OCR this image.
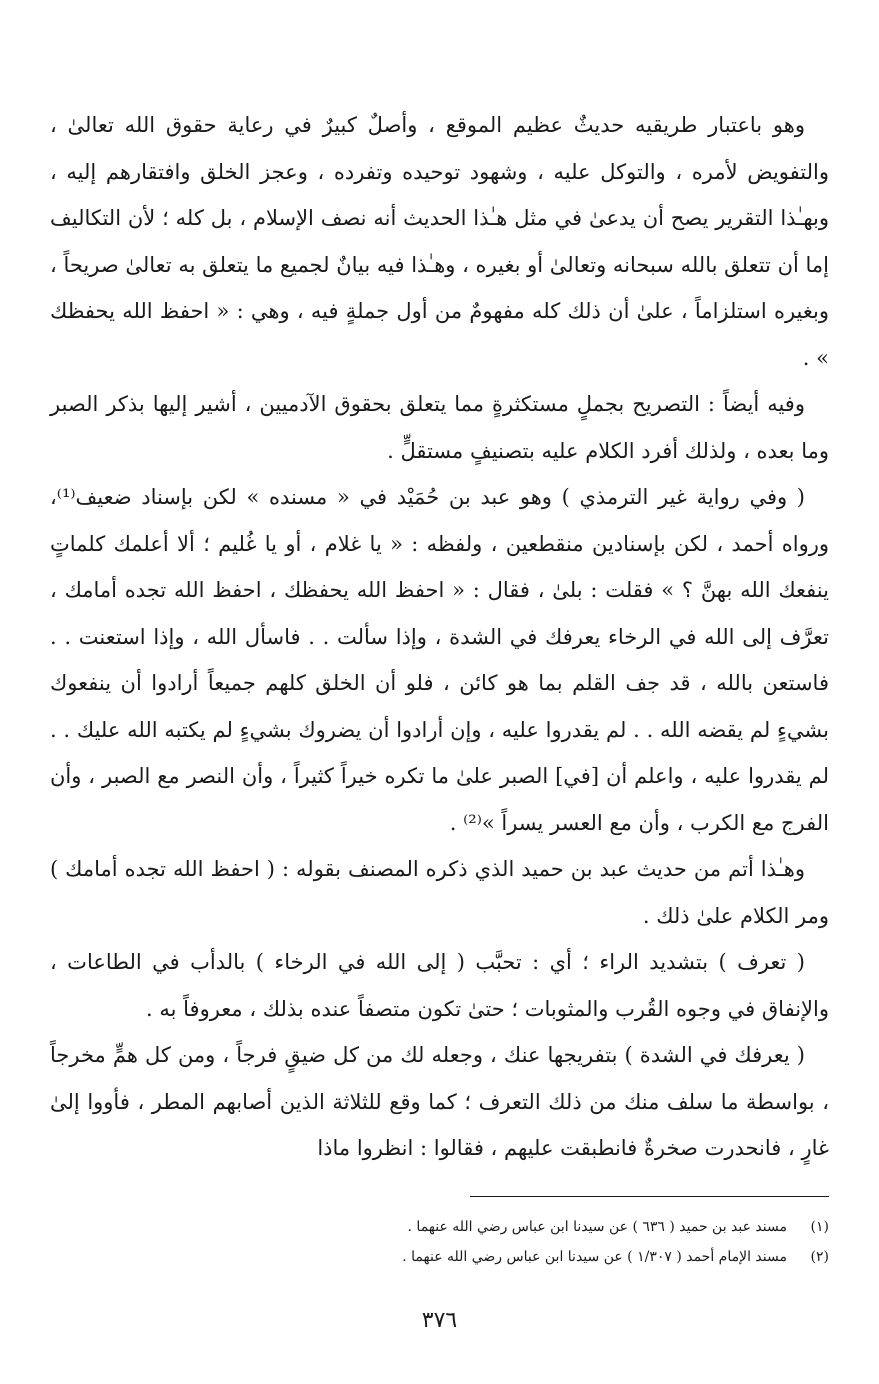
وهو باعتبار طريقيه حديثٌ عظيم الموقع ، وأصلٌ كبيرٌ في رعاية حقوق الله تعالىٰ ، والتفويض لأمره ، والتوكل عليه ، وشهود توحيده وتفرده ، وعجز الخلق وافتقارهم إليه ، وبهـٰذا التقرير يصح أن يدعىٰ في مثل هـٰذا الحديث أنه نصف الإسلام ، بل كله ؛ لأن التكاليف إما أن تتعلق بالله سبحانه وتعالىٰ أو بغيره ، وهـٰذا فيه بيانٌ لجميع ما يتعلق به تعالىٰ صريحاً ، وبغيره استلزاماً ، علىٰ أن ذلك كله مفهومٌ من أول جملةٍ فيه ، وهي : « احفظ الله يحفظك » .

وفيه أيضاً : التصريح بجملٍ مستكثرةٍ مما يتعلق بحقوق الآدميين ، أشير إليها بذكر الصبر وما بعده ، ولذلك أفرد الكلام عليه بتصنيفٍ مستقلٍّ .

( وفي رواية غير الترمذي ) وهو عبد بن حُمَيْد في « مسنده » لكن بإسناد ضعيف⁽¹⁾، ورواه أحمد ، لكن بإسنادين منقطعين ، ولفظه : « يا غلام ، أو يا غُليم ؛ ألا أعلمك كلماتٍ ينفعك الله بهنَّ ؟ » فقلت : بلىٰ ، فقال : « احفظ الله يحفظك ، احفظ الله تجده أمامك ، تعرَّف إلى الله في الرخاء يعرفك في الشدة ، وإذا سألت . . فاسأل الله ، وإذا استعنت . . فاستعن بالله ، قد جف القلم بما هو كائن ، فلو أن الخلق كلهم جميعاً أرادوا أن ينفعوك بشيءٍ لم يقضه الله . . لم يقدروا عليه ، وإن أرادوا أن يضروك بشيءٍ لم يكتبه الله عليك . . لم يقدروا عليه ، واعلم أن [في] الصبر علىٰ ما تكره خيراً كثيراً ، وأن النصر مع الصبر ، وأن الفرج مع الكرب ، وأن مع العسر يسراً »⁽²⁾ .

وهـٰذا أتم من حديث عبد بن حميد الذي ذكره المصنف بقوله : ( احفظ الله تجده أمامك ) ومر الكلام علىٰ ذلك .

( تعرف ) بتشديد الراء ؛ أي : تحبَّب ( إلى الله في الرخاء ) بالدأب في الطاعات ، والإنفاق في وجوه القُرب والمثوبات ؛ حتىٰ تكون متصفاً عنده بذلك ، معروفاً به .

( يعرفك في الشدة ) بتفريجها عنك ، وجعله لك من كل ضيقٍ فرجاً ، ومن كل همٍّ مخرجاً ، بواسطة ما سلف منك من ذلك التعرف ؛ كما وقع للثلاثة الذين أصابهم المطر ، فأووا إلىٰ غارٍ ، فانحدرت صخرةٌ فانطبقت عليهم ، فقالوا : انظروا ماذا

(١)
مسند عبد بن حميد ( ٦٣٦ ) عن سيدنا ابن عباس رضي الله عنهما .
(٢)
مسند الإمام أحمد ( ١/٣٠٧ ) عن سيدنا ابن عباس رضي الله عنهما .
٣٧٦
